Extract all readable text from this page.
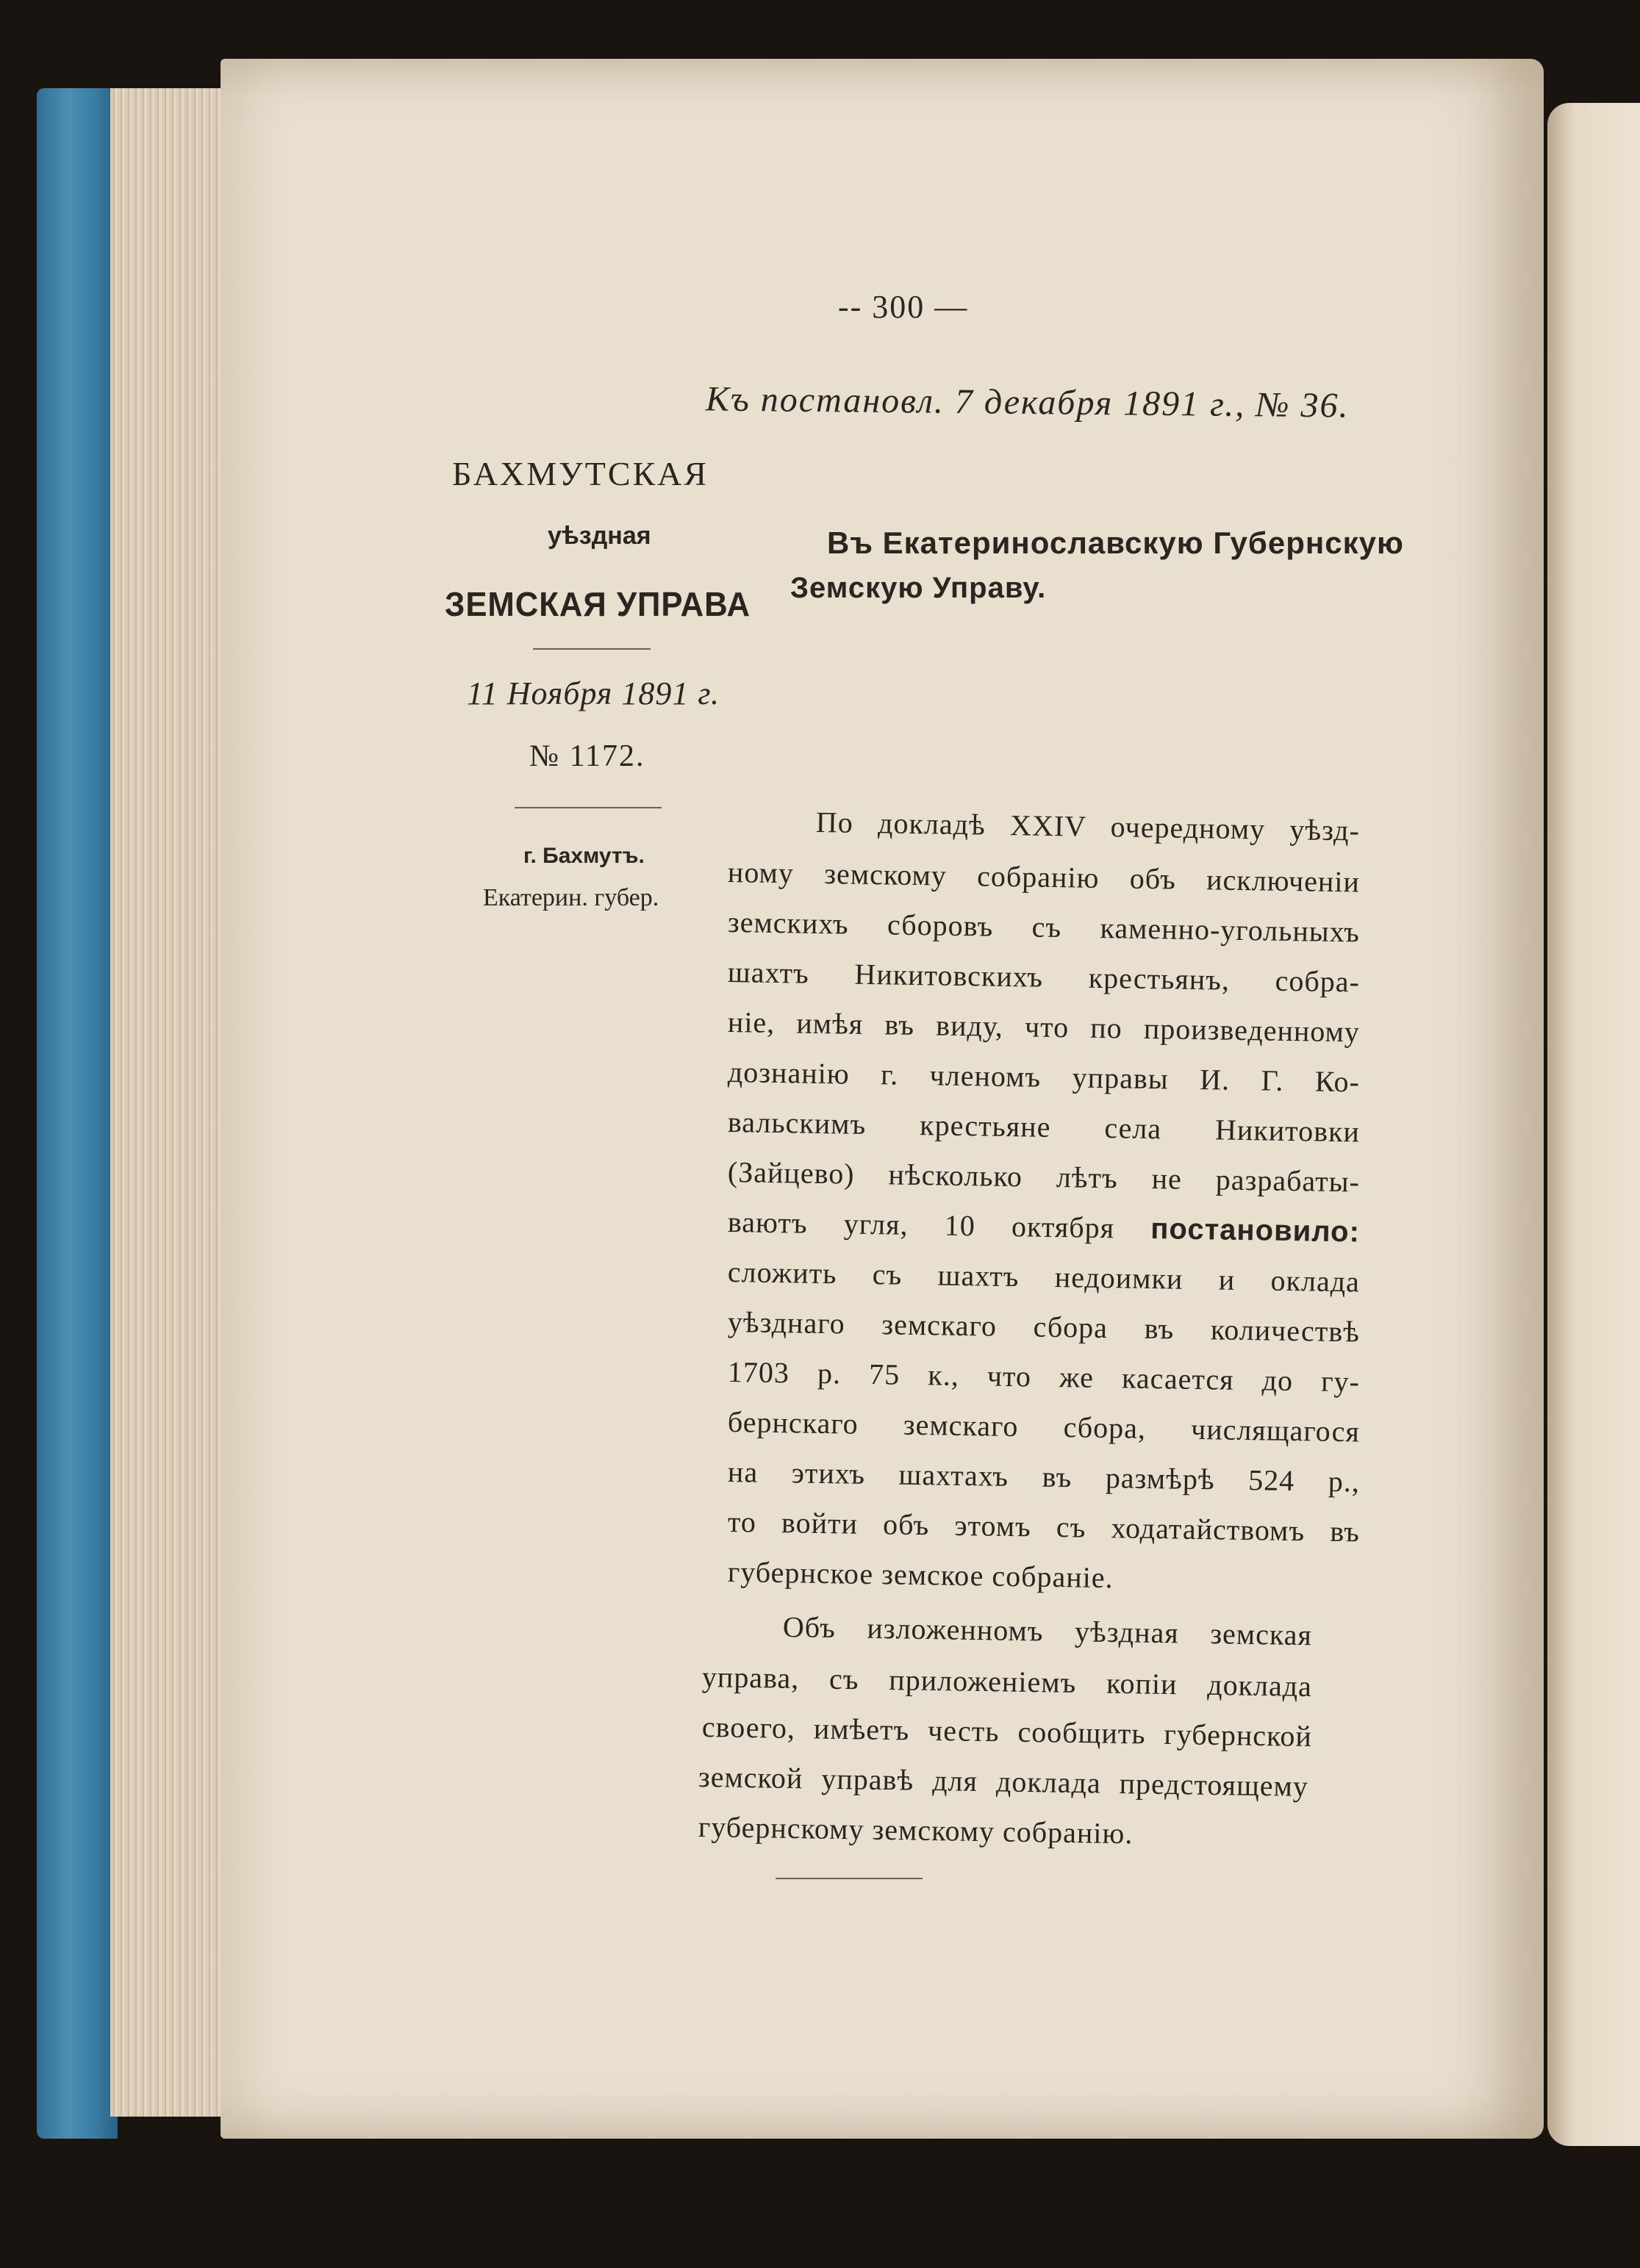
-- 300 —
Къ постановл. 7 декабря 1891 г., № 36.
БАХМУТСКАЯ
уѣздная
ЗЕМСКАЯ УПРАВА
11 Ноября 1891 г.
№ 1172.
г. Бахмутъ.
Екатерин. губер.
Въ Екатеринославскую Губернскую
Земскую Управу.
По докладѣ XXIV очередному уѣзд-
ному земскому собранію объ исключеніи
земскихъ сборовъ съ каменно-угольныхъ
шахтъ Никитовскихъ крестьянъ, собра-
ніе, имѣя въ виду, что по произведенному
дознанію г. членомъ управы И. Г. Ко-
вальскимъ крестьяне села Никитовки
(Зайцево) нѣсколько лѣтъ не разрабаты-
ваютъ угля, 10 октября постановило:
сложить съ шахтъ недоимки и оклада
уѣзднаго земскаго сбора въ количествѣ
1703 р. 75 к., что же касается до гу-
бернскаго земскаго сбора, числящагося
на этихъ шахтахъ въ размѣрѣ 524 р.,
то войти объ этомъ съ ходатайствомъ въ
губернское земское собраніе.
Объ изложенномъ уѣздная земская
управа, съ приложеніемъ копіи доклада
своего, имѣетъ честь сообщить губернской
земской управѣ для доклада предстоящему
губернскому земскому собранію.
